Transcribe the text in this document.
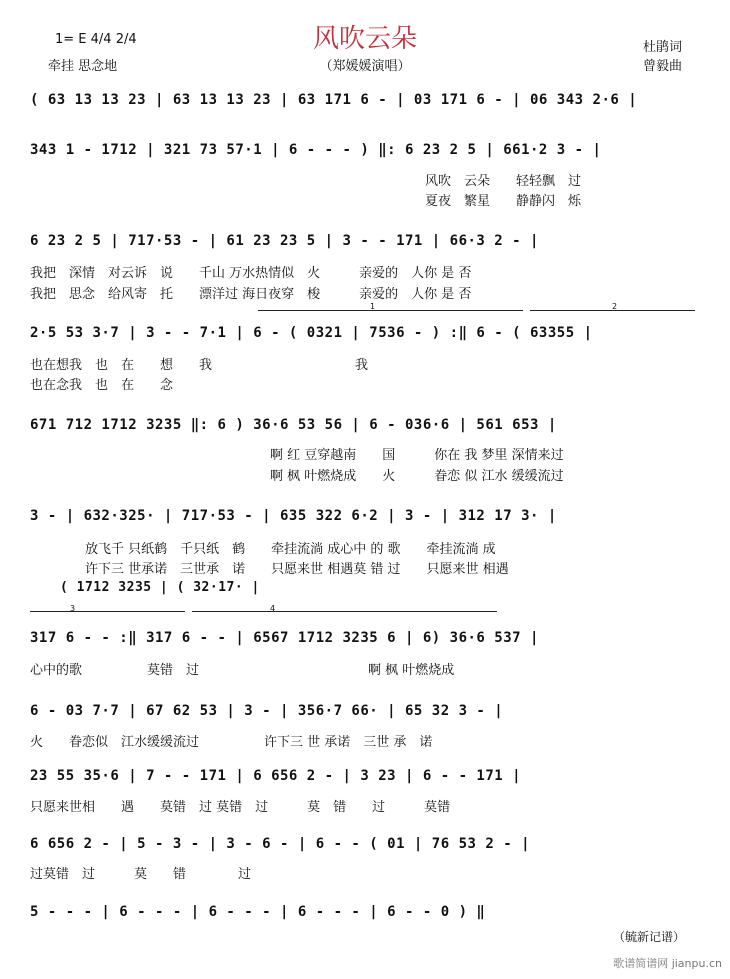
风吹云朵
（郑媛媛演唱）
1= E 4/4 2/4
牵挂 思念地
杜鹃词
曾毅曲
( 63 13 13 23 | 63 13 13 23 | 63 171 6 - | 03 171 6 - | 06 343 2·6 |
343 1 - 1712 | 321 73 57·1 | 6 - - - ) ‖: 6 23 2 5 | 661·2 3 - |
风吹　云朵　　轻轻飘　过
夏夜　繁星　　静静闪　烁
6 23 2 5 | 717·53 - | 61 23 23 5 | 3 - - 171 | 66·3 2 - |
我把　深情　对云诉　说　　千山 万水热情似　火　　　亲爱的　人你 是 否
我把　思念　给风寄　托　　漂洋过 海日夜穿　梭　　　亲爱的　人你 是 否
1	2
2·5 53 3·7 | 3 - - 7·1 | 6 - ( 0321 | 7536 - ) :‖ 6 - ( 63355 |
也在想我　也　在　　想　　我　　　　　　　　　　　我
也在念我　也　在　　念
671 712 1712 3235 ‖: 6 ) 36·6 53 56 | 6 - 036·6 | 561 653 |
啊 红 豆穿越南　　国　　　你在 我 梦里 深情来过
啊 枫 叶燃烧成　　火　　　眷恋 似 江水 缓缓流过
3 - | 632·325· | 717·53 - | 635 322 6·2 | 3 - | 312 17 3· |
放飞千 只纸鹤　千只纸　鹤　　牵挂流淌 成心中 的 歌　　牵挂流淌 成
许下三 世承诺　三世承　诺　　只愿来世 相遇莫 错 过　　只愿来世 相遇
( 1712 3235 | ( 32·17· |
3	4
317 6 - - :‖ 317 6 - - | 6567 1712 3235 6 | 6) 36·6 537 |
心中的歌　　　　　莫错　过　　　　　　　　　　　　　啊 枫 叶燃烧成
6 - 03 7·7 | 67 62 53 | 3 - | 356·7 66· | 65 32 3 - |
火　　眷恋似　江水缓缓流过　　　　　许下三 世 承诺　三世 承　诺
23 55 35·6 | 7 - - 171 | 6 656 2 - | 3 23 | 6 - - 171 |
只愿来世相　　遇　　莫错　过 莫错　过　　　莫　错　　过　　　莫错
6 656 2 - | 5 - 3 - | 3 - 6 - | 6 - - ( 01 | 76 53 2 - |
过莫错　过　　　莫　　错　　　　过
5 - - - | 6 - - - | 6 - - - | 6 - - - | 6 - - 0 ) ‖
（毓新记谱）
歌谱简谱网 jianpu.cn
